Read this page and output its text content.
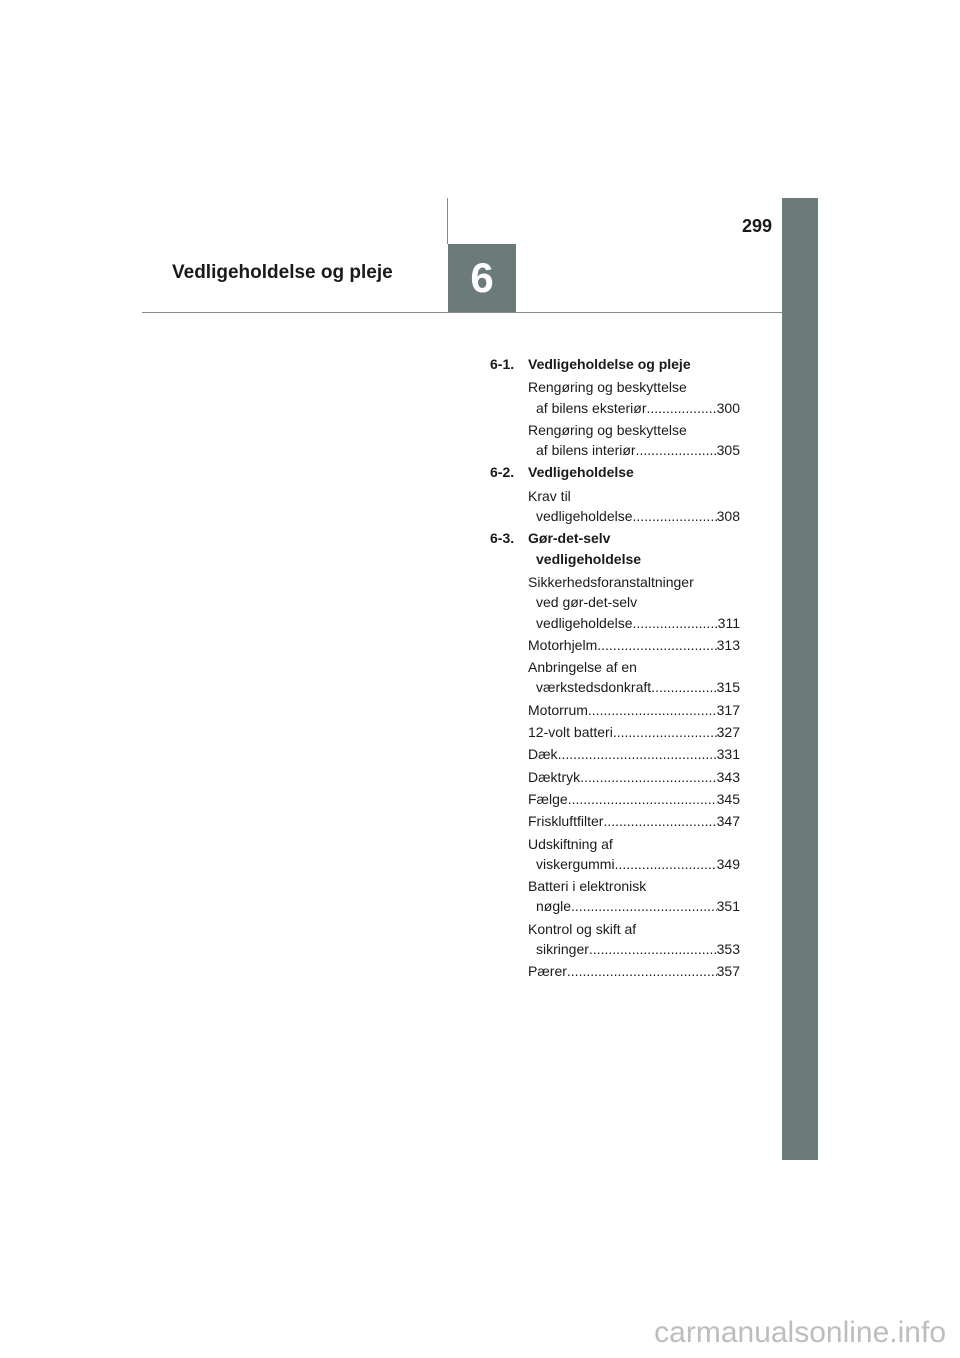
299
Vedligeholdelse og pleje	6
6-1. Vedligeholdelse og pleje
Rengøring og beskyttelse
af bilens eksteriør .....	300
Rengøring og beskyttelse
af bilens interiør .....	305
6-2. Vedligeholdelse
Krav til
vedligeholdelse .....	308
6-3. Gør-det-selv
vedligeholdelse
Sikkerhedsforanstaltninger
ved gør-det-selv
vedligeholdelse .....	311
Motorhjelm .....	313
Anbringelse af en
værkstedsdonkraft .....	315
Motorrum .....	317
12-volt batteri .....	327
Dæk .....	331
Dæktryk .....	343
Fælge .....	345
Friskluftfilter .....	347
Udskiftning af
viskergummi .....	349
Batteri i elektronisk
nøgle .....	351
Kontrol og skift af
sikringer .....	353
Pærer .....	357
carmanualsonline.info
